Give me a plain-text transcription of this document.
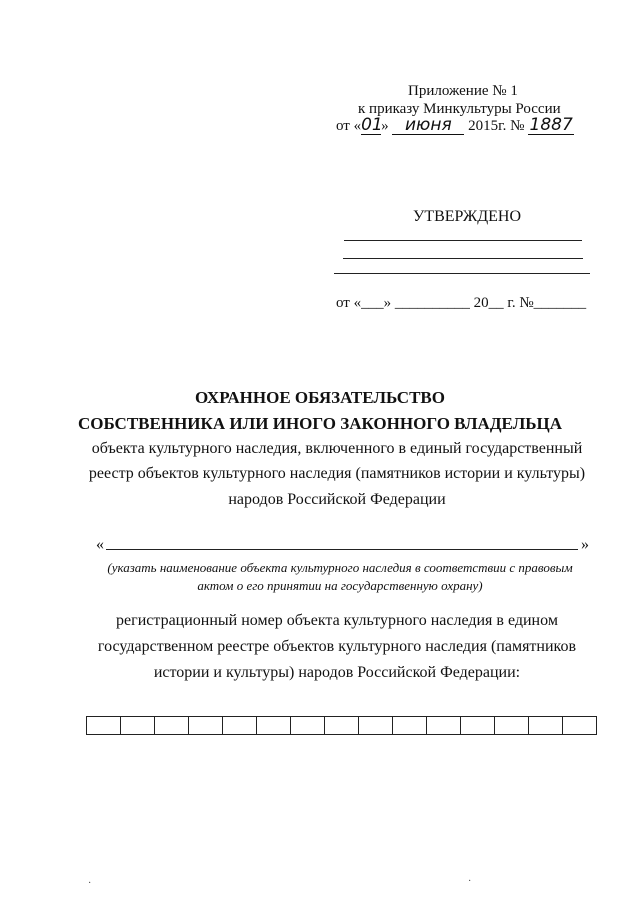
Приложение № 1
к приказу Минкультуры России
от «01» июня 2015г. № 1887
УТВЕРЖДЕНО
от «___» __________ 20__ г. №_______
ОХРАННОЕ ОБЯЗАТЕЛЬСТВО
СОБСТВЕННИКА ИЛИ ИНОГО ЗАКОННОГО ВЛАДЕЛЬЦА
объекта культурного наследия, включенного в единый государственный
реестр объектов культурного наследия (памятников истории и культуры)
народов Российской Федерации
«	»
(указать наименование объекта культурного наследия в соответствии с правовым
актом о его принятии на государственную охрану)
регистрационный номер объекта культурного наследия в едином
государственном реестре объектов культурного наследия (памятников
истории и культуры) народов Российской Федерации:

·	·
